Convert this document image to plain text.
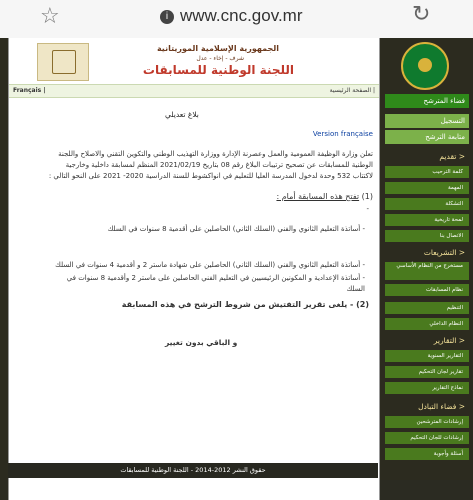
☆	i www.cnc.gov.mr	↻
الجمهورية الإسلامية الموريتانية
شرف - إخاء - عدل
اللجنة الوطنية للمسابقات
Français |	| الصفحة الرئيسية
بلاغ تعديلي
Version française
تعلن وزارة الوظيفة العمومية والعمل وعصرنة الإدارة ووزارة التهذيب الوطني والتكوين التقني والاصلاح واللجنة
الوطنية للمسابقات عن تصحيح ترتيبات البلاغ رقم 08 بتاريخ 2021/02/19 المنظم لمسابقة داخلية وخارجية
لاكتتاب 532 وحدة لدخول المدرسة العليا للتعليم في انواكشوط للسنة الدراسية 2020- 2021 على النحو التالي :
(1) تفتح هذه المسابقة أمام :
-
- أساتذة التعليم الثانوي والفني (السلك الثاني) الحاصلين على أقدمية 8 سنوات في السلك
- أساتذة التعليم الثانوي والفني (السلك الثاني) الحاصلين على شهادة ماستر 2 و أقدمية 4 سنوات في السلك
- أساتذة الإعدادية و المكونين الرئيسيين في التعليم الفني الحاصلين على ماستر 2 وأقدمية 8 سنوات في
السلك
(2) - يلغى تقرير التفتيش من شروط الترشح في هذه المسابقة
و الباقي بدون تغيير
حقوق النشر 2012-2014 - اللجنة الوطنية للمسابقات
فضاء المترشح
التسجيل
متابعة الترشح
< تقديم
كلمة الترحيب
المهمة
التشكلة
لمحة تاريخية
الاتصال بنا
< التشريعات
مستخرج من النظام الأساسي
نظام المسابقات
التنظيم
النظام الداخلي
< التقارير
التقارير السنوية
تقارير لجان التحكيم
نماذج التقارير
< فضاء التبادل
إرشادات المترشحين
إرشادات للجان التحكيم
أسئلة وأجوبة
